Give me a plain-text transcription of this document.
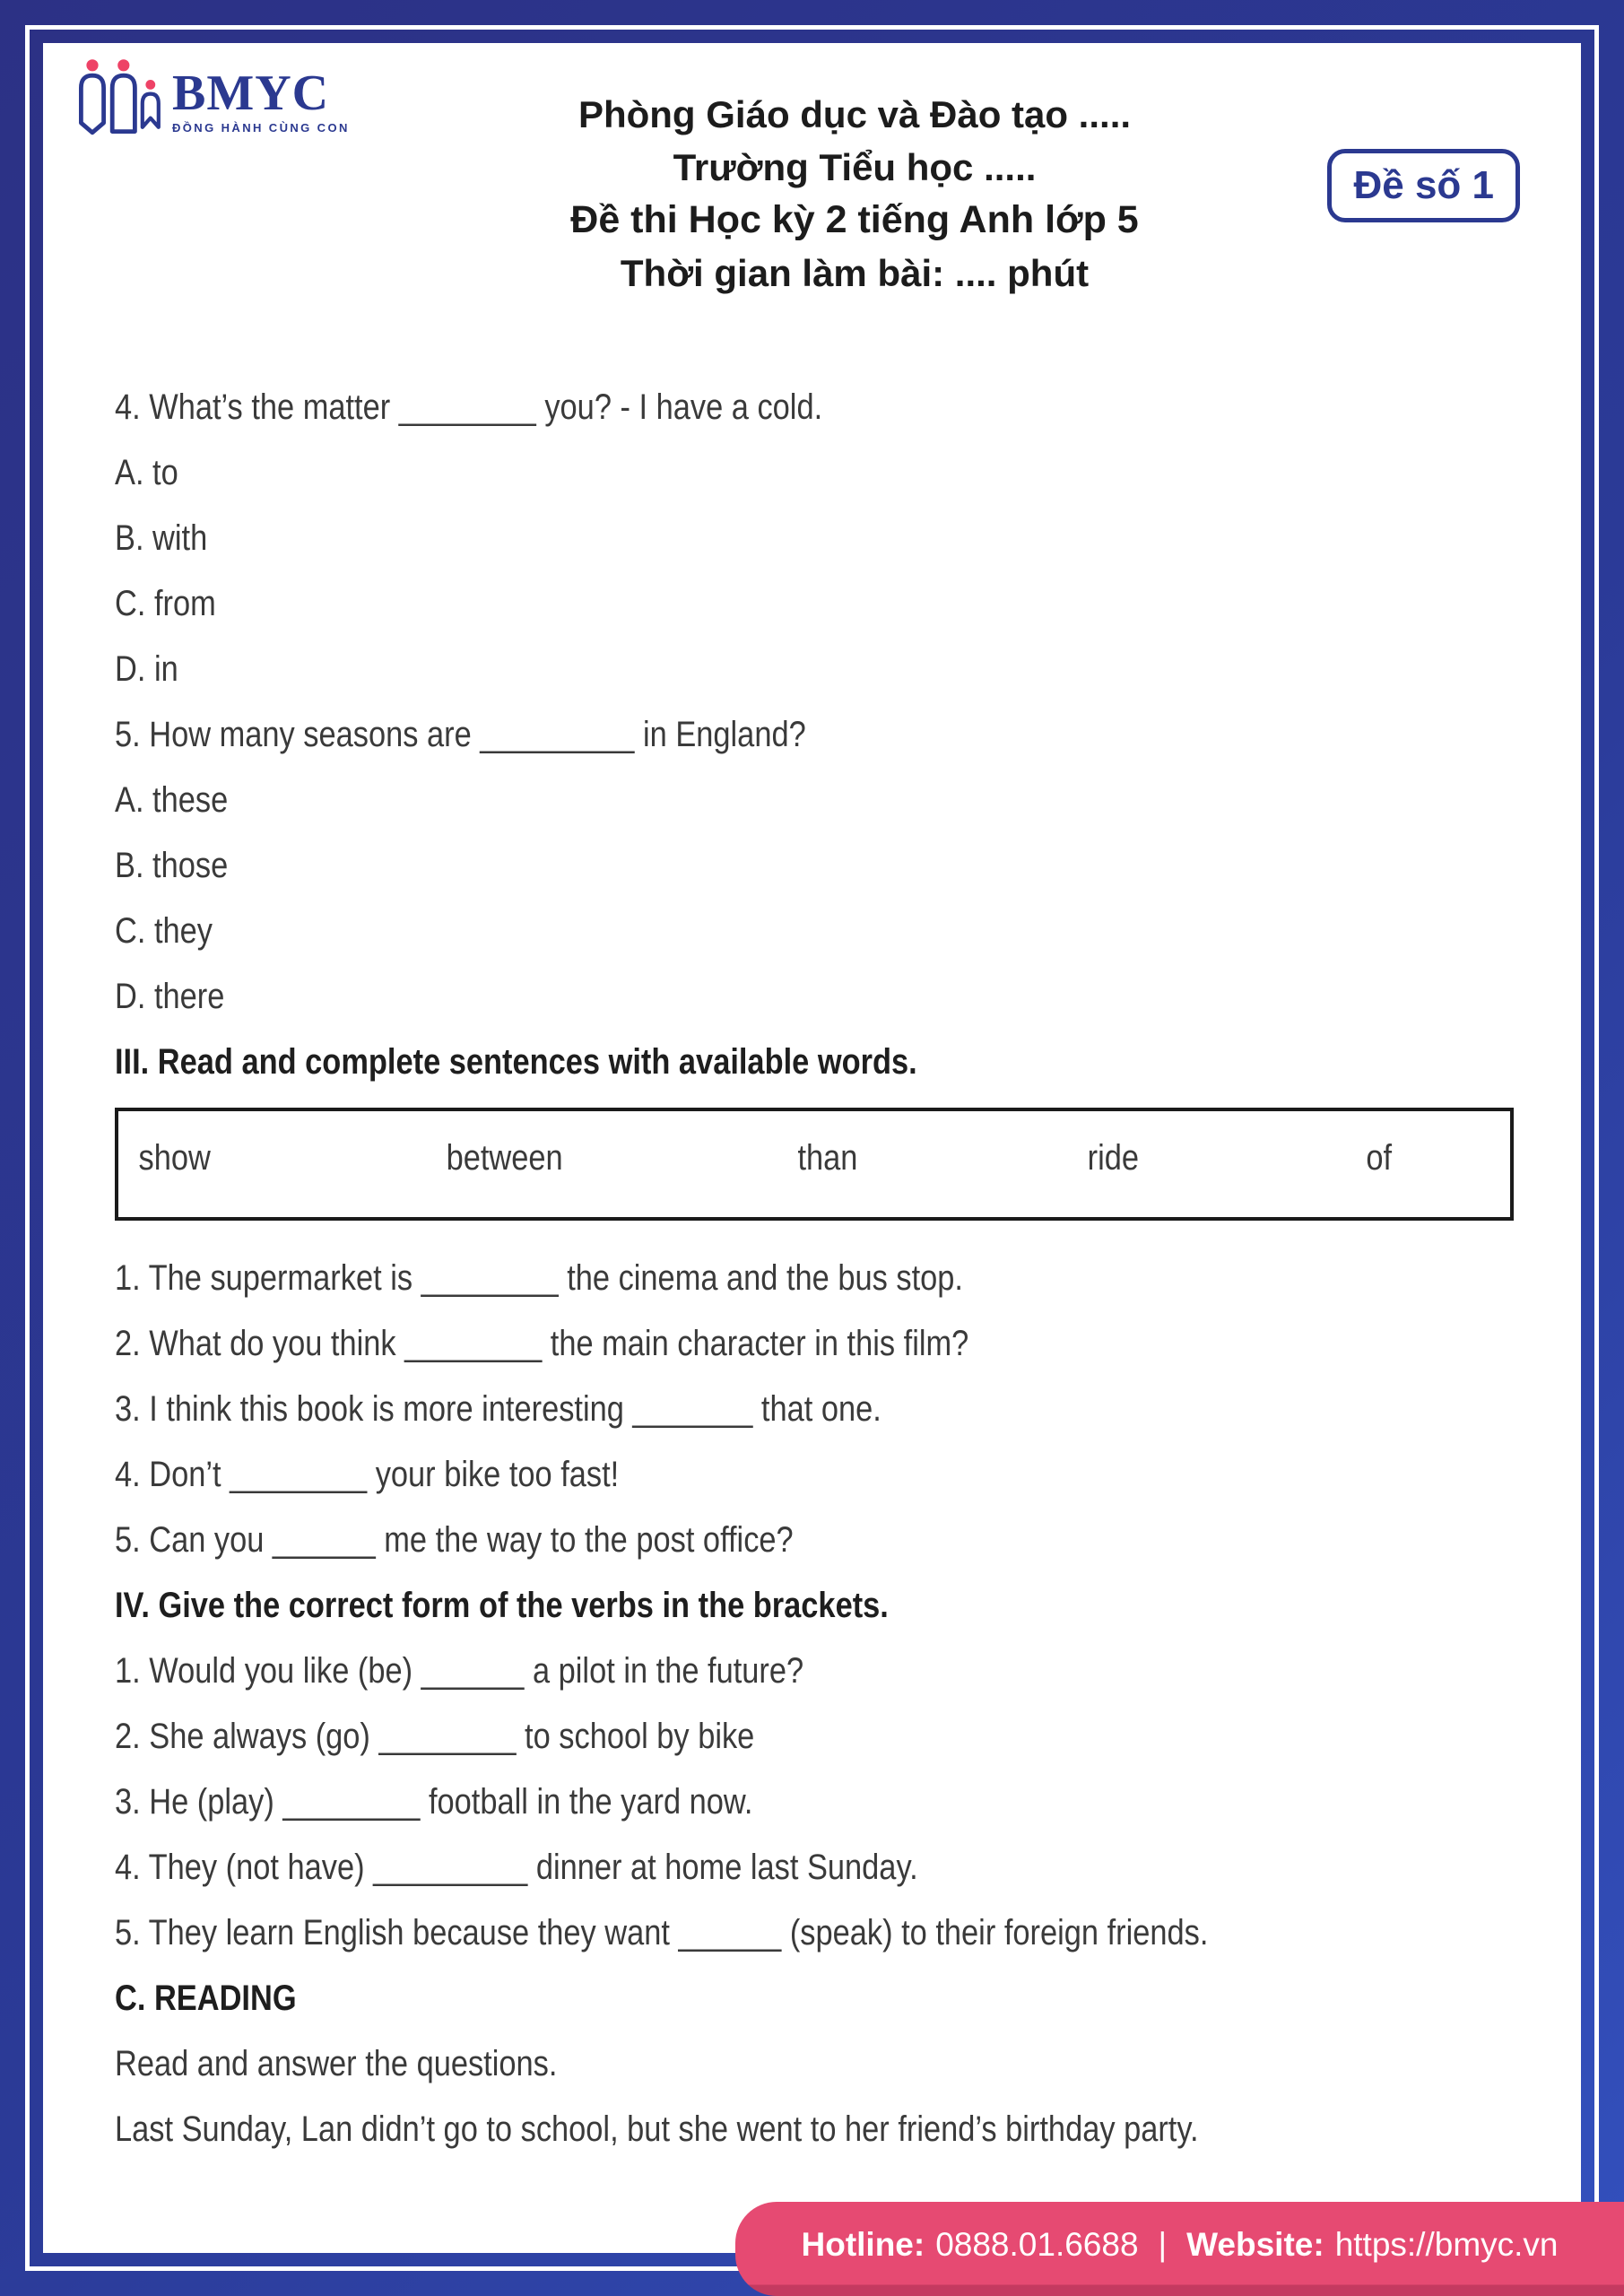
BMYC
ĐỒNG HÀNH CÙNG CON	Phòng Giáo dục và Đào tạo .....
Trường Tiểu học .....
Đề thi Học kỳ 2 tiếng Anh lớp 5
Thời gian làm bài: .... phút
Đề số 1

4. What’s the matter ________ you? - I have a cold.

A. to

B. with

C. from

D. in

5. How many seasons are _________ in England?

A. these

B. those

C. they

D. there

III. Read and complete sentences with available words.

show	between	than	ride	of

1. The supermarket is ________ the cinema and the bus stop.

2. What do you think ________ the main character in this film?

3. I think this book is more interesting _______ that one.

4. Don’t ________ your bike too fast!

5. Can you ______ me the way to the post office?

IV. Give the correct form of the verbs in the brackets.

1. Would you like (be) ______ a pilot in the future?

2. She always (go) ________ to school by bike

3. He (play) ________ football in the yard now.

4. They (not have) _________ dinner at home last Sunday.

5. They learn English because they want ______ (speak) to their foreign friends.

C. READING

Read and answer the questions.

Last Sunday, Lan didn’t go to school, but she went to her friend’s birthday party.

Hotline: 0888.01.6688 | Website: https://bmyc.vn
